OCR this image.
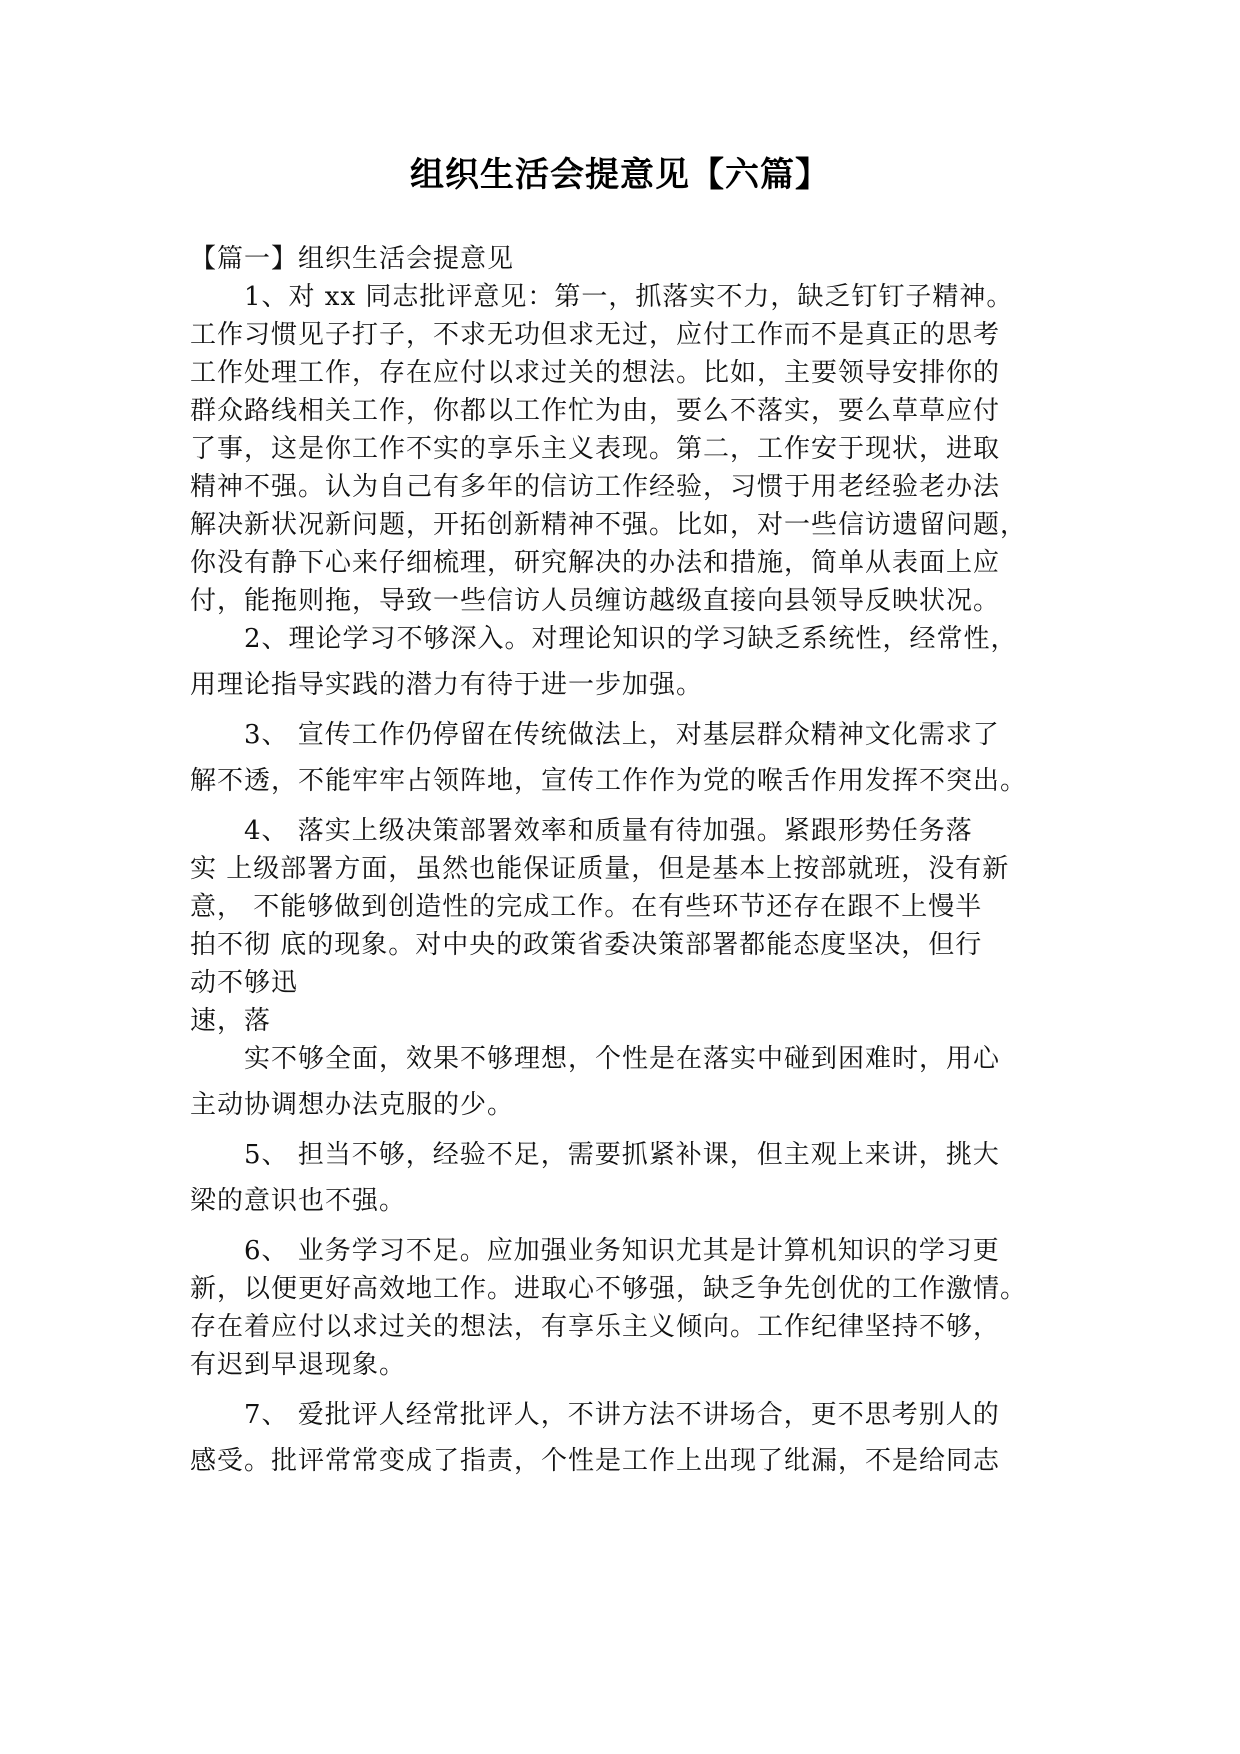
组织生活会提意见【六篇】
【篇一】组织生活会提意见
1、对 xx 同志批评意见：第一，抓落实不力，缺乏钉钉子精神。
工作习惯见子打子，不求无功但求无过，应付工作而不是真正的思考
工作处理工作，存在应付以求过关的想法。比如，主要领导安排你的
群众路线相关工作，你都以工作忙为由，要么不落实，要么草草应付
了事，这是你工作不实的享乐主义表现。第二，工作安于现状，进取
精神不强。认为自己有多年的信访工作经验，习惯于用老经验老办法
解决新状况新问题，开拓创新精神不强。比如，对一些信访遗留问题，
你没有静下心来仔细梳理，研究解决的办法和措施，简单从表面上应
付，能拖则拖，导致一些信访人员缠访越级直接向县领导反映状况。
2、理论学习不够深入。对理论知识的学习缺乏系统性，经常性，
用理论指导实践的潜力有待于进一步加强。
3、 宣传工作仍停留在传统做法上，对基层群众精神文化需求了
解不透，不能牢牢占领阵地，宣传工作作为党的喉舌作用发挥不突出。
4、 落实上级决策部署效率和质量有待加强。紧跟形势任务落
实 上级部署方面，虽然也能保证质量，但是基本上按部就班，没有新
意， 不能够做到创造性的完成工作。在有些环节还存在跟不上慢半
拍不彻 底的现象。对中央的政策省委决策部署都能态度坚决，但行
动不够迅
速，落
实不够全面，效果不够理想，个性是在落实中碰到困难时，用心
主动协调想办法克服的少。
5、 担当不够，经验不足，需要抓紧补课，但主观上来讲，挑大
梁的意识也不强。
6、 业务学习不足。应加强业务知识尤其是计算机知识的学习更
新，以便更好高效地工作。进取心不够强，缺乏争先创优的工作激情。
存在着应付以求过关的想法，有享乐主义倾向。工作纪律坚持不够，
有迟到早退现象。
7、 爱批评人经常批评人，不讲方法不讲场合，更不思考别人的
感受。批评常常变成了指责，个性是工作上出现了纰漏，不是给同志
